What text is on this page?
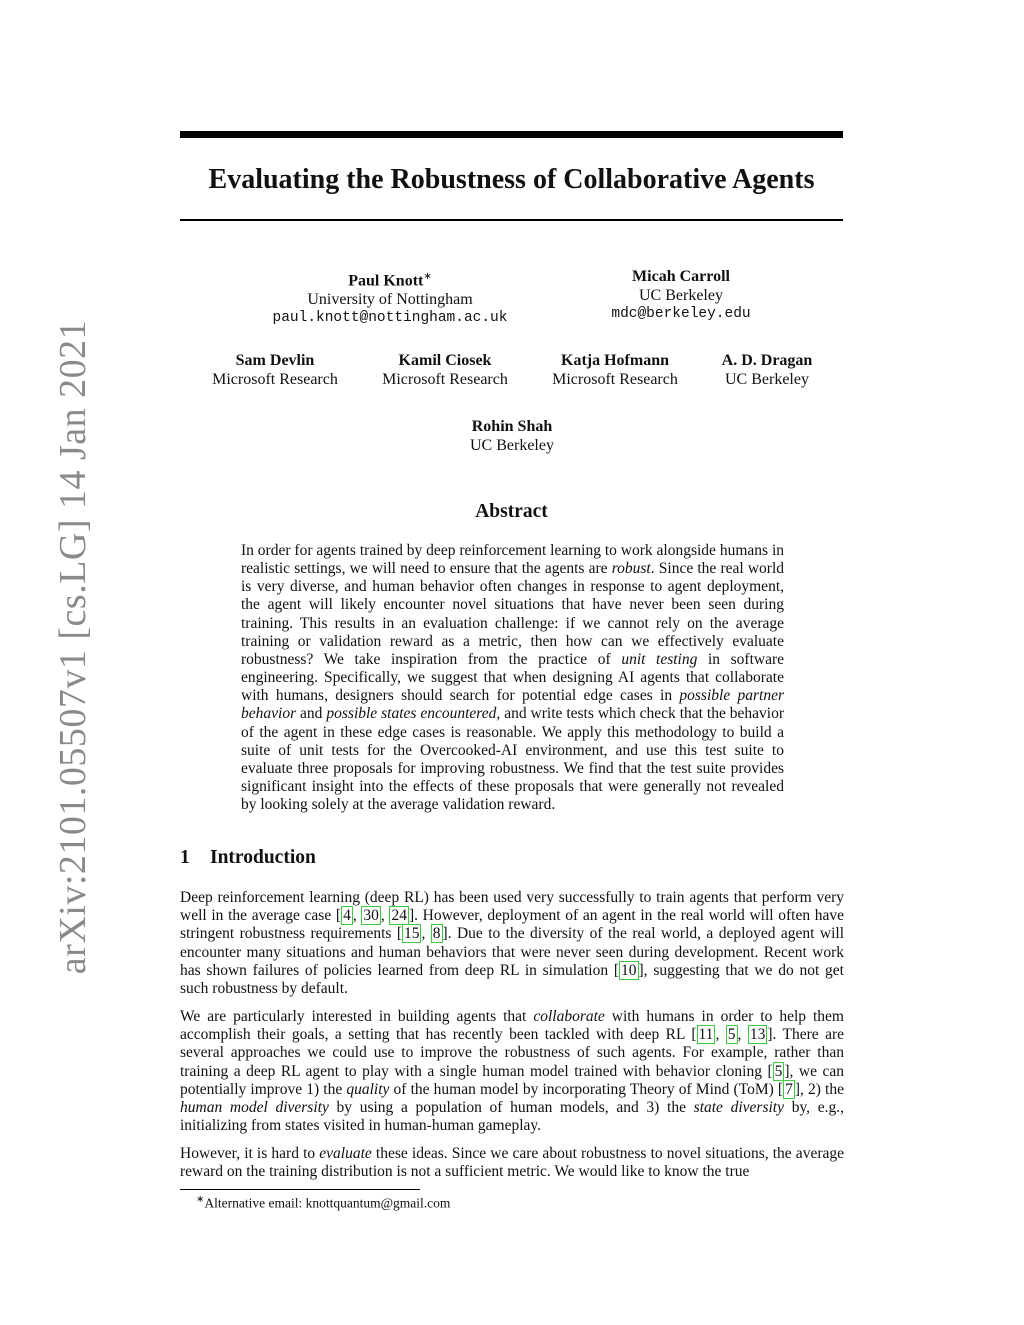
arXiv:2101.05507v1 [cs.LG] 14 Jan 2021
Evaluating the Robustness of Collaborative Agents
Paul Knott∗
University of Nottingham
paul.knott@nottingham.ac.uk
Micah Carroll
UC Berkeley
mdc@berkeley.edu
Sam Devlin
Microsoft Research
Kamil Ciosek
Microsoft Research
Katja Hofmann
Microsoft Research
A. D. Dragan
UC Berkeley
Rohin Shah
UC Berkeley
Abstract
In order for agents trained by deep reinforcement learning to work alongside humans in realistic settings, we will need to ensure that the agents are robust. Since the real world is very diverse, and human behavior often changes in response to agent deployment, the agent will likely encounter novel situations that have never been seen during training. This results in an evaluation challenge: if we cannot rely on the average training or validation reward as a metric, then how can we effectively evaluate robustness? We take inspiration from the practice of unit testing in software engineering. Specifically, we suggest that when designing AI agents that collaborate with humans, designers should search for potential edge cases in possible partner behavior and possible states encountered, and write tests which check that the behavior of the agent in these edge cases is reasonable. We apply this methodology to build a suite of unit tests for the Overcooked-AI environment, and use this test suite to evaluate three proposals for improving robustness. We find that the test suite provides significant insight into the effects of these proposals that were generally not revealed by looking solely at the average validation reward.
1 Introduction
Deep reinforcement learning (deep RL) has been used very successfully to train agents that perform very well in the average case [ 4 , 30 , 24 ]. However, deployment of an agent in the real world will often have stringent robustness requirements [ 15 , 8 ]. Due to the diversity of the real world, a deployed agent will encounter many situations and human behaviors that were never seen during development. Recent work has shown failures of policies learned from deep RL in simulation [ 10 ], suggesting that we do not get such robustness by default.
We are particularly interested in building agents that collaborate with humans in order to help them accomplish their goals, a setting that has recently been tackled with deep RL [ 11 , 5 , 13 ]. There are several approaches we could use to improve the robustness of such agents. For example, rather than training a deep RL agent to play with a single human model trained with behavior cloning [ 5 ], we can potentially improve 1) the quality of the human model by incorporating Theory of Mind (ToM) [ 7 ], 2) the human model diversity by using a population of human models, and 3) the state diversity by, e.g., initializing from states visited in human-human gameplay.
However, it is hard to evaluate these ideas. Since we care about robustness to novel situations, the average reward on the training distribution is not a sufficient metric. We would like to know the true
∗Alternative email: knottquantum@gmail.com
